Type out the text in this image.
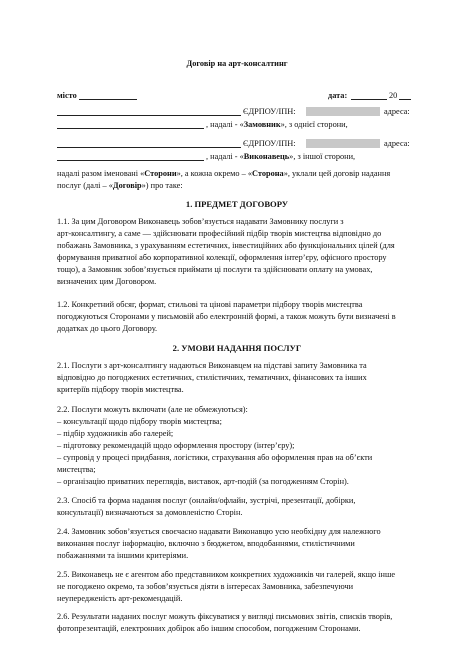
Договір на арт-консалтинг
місто	дата:	20
ЄДРПОУ/ІПН:	адреса:
, надалі - «Замовник», з однієї сторони,
ЄДРПОУ/ІПН:	адреса:
, надалі - «Виконавець», з іншої сторони,
надалі разом іменовані «Сторони», а кожна окремо – «Сторона», уклали цей договір надання
послуг (далі – «Договір») про таке:
1. ПРЕДМЕТ ДОГОВОРУ
1.1. За цим Договором Виконавець зобов’язується надавати Замовнику послуги з
арт-консалтингу, а саме — здійснювати професійний підбір творів мистецтва відповідно до
побажань Замовника, з урахуванням естетичних, інвестиційних або функціональних цілей (для
формування приватної або корпоративної колекції, оформлення інтер’єру, офісного простору
тощо), а Замовник зобов’язується приймати ці послуги та здійснювати оплату на умовах,
визначених цим Договором.
1.2. Конкретний обсяг, формат, стильові та цінові параметри підбору творів мистецтва
погоджуються Сторонами у письмовій або електронній формі, а також можуть бути визначені в
додатках до цього Договору.
2. УМОВИ НАДАННЯ ПОСЛУГ
2.1. Послуги з арт-консалтингу надаються Виконавцем на підставі запиту Замовника та
відповідно до погоджених естетичних, стилістичних, тематичних, фінансових та інших
критеріїв підбору творів мистецтва.
2.2. Послуги можуть включати (але не обмежуються):
– консультації щодо підбору творів мистецтва;
– підбір художників або галерей;
– підготовку рекомендацій щодо оформлення простору (інтер’єру);
– супровід у процесі придбання, логістики, страхування або оформлення прав на об’єкти
мистецтва;
– організацію приватних переглядів, виставок, арт-подій (за погодженням Сторін).
2.3. Спосіб та форма надання послуг (онлайн/офлайн, зустрічі, презентації, добірки,
консультації) визначаються за домовленістю Сторін.
2.4. Замовник зобов’язується своєчасно надавати Виконавцю усю необхідну для належного
виконання послуг інформацію, включно з бюджетом, вподобаннями, стилістичними
побажаннями та іншими критеріями.
2.5. Виконавець не є агентом або представником конкретних художників чи галерей, якщо інше
не погоджено окремо, та зобов’язується діяти в інтересах Замовника, забезпечуючи
неупередженість арт-рекомендацій.
2.6. Результати наданих послуг можуть фіксуватися у вигляді письмових звітів, списків творів,
фотопрезентацій, електронних добірок або іншим способом, погодженим Сторонами.
